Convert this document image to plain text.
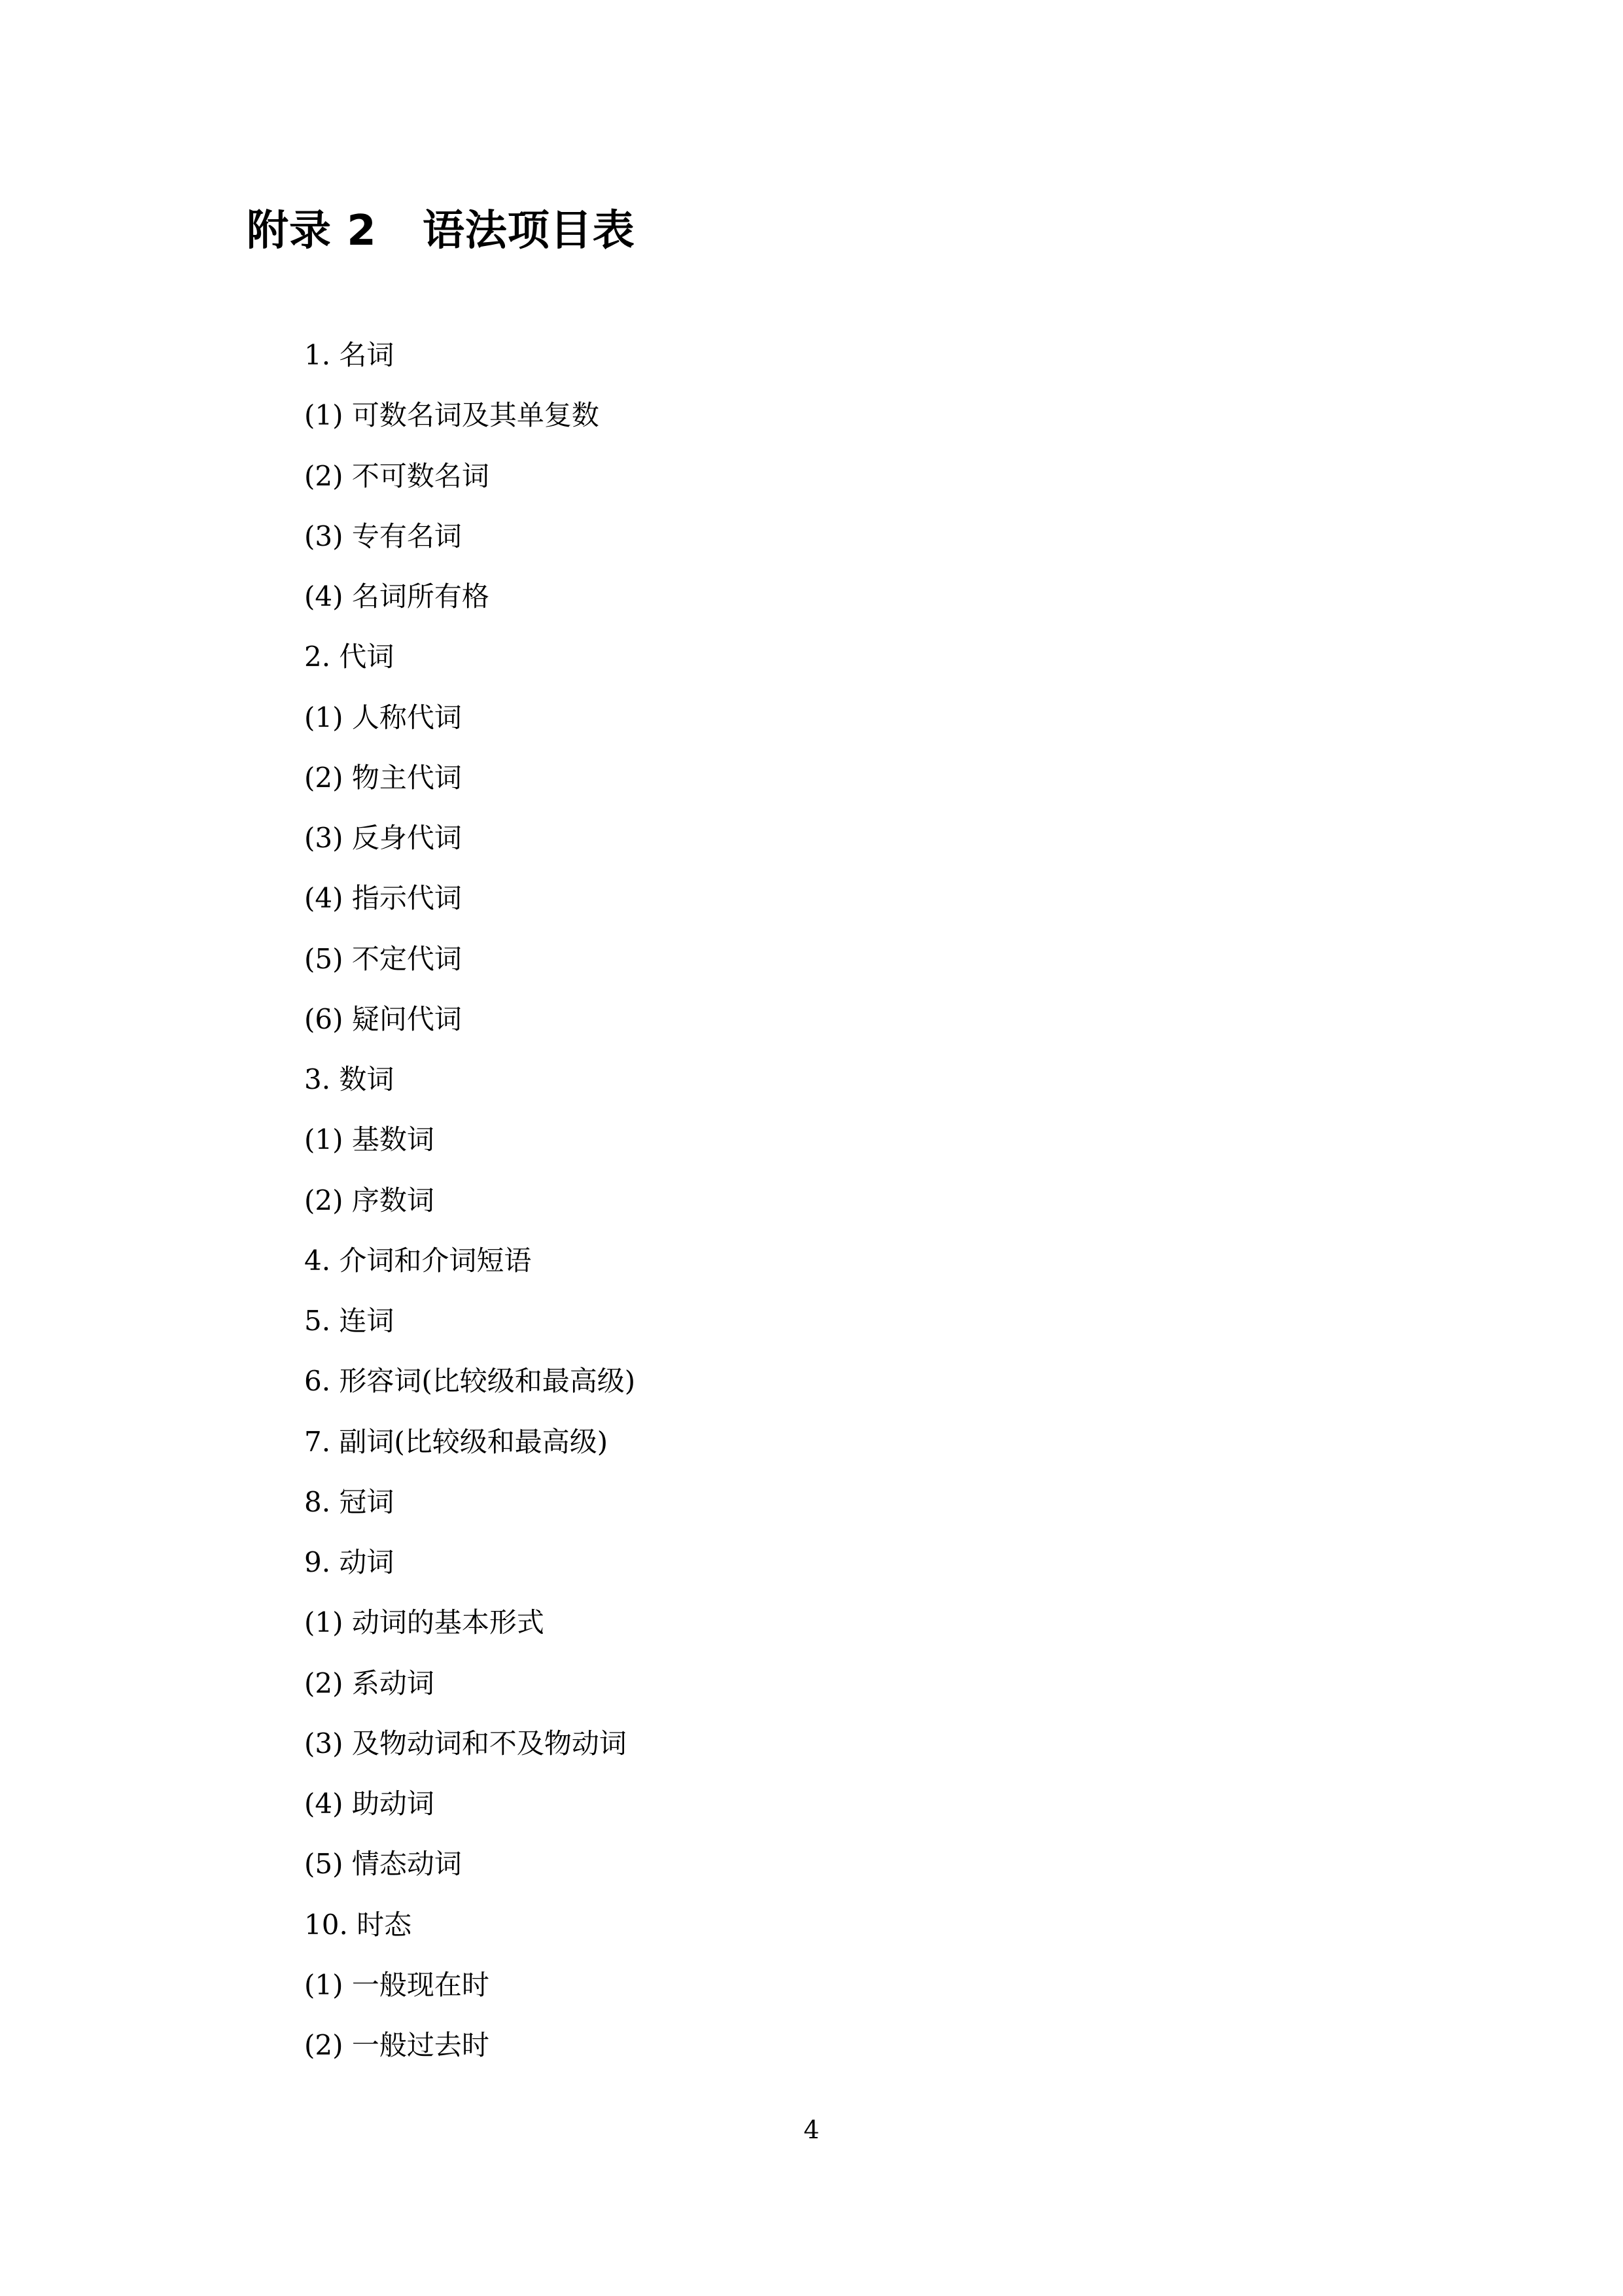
附录 2 语法项目表
1. 名词
(1) 可数名词及其单复数
(2) 不可数名词
(3) 专有名词
(4) 名词所有格
2. 代词
(1) 人称代词
(2) 物主代词
(3) 反身代词
(4) 指示代词
(5) 不定代词
(6) 疑问代词
3. 数词
(1) 基数词
(2) 序数词
4. 介词和介词短语
5. 连词
6. 形容词(比较级和最高级)
7. 副词(比较级和最高级)
8. 冠词
9. 动词
(1) 动词的基本形式
(2) 系动词
(3) 及物动词和不及物动词
(4) 助动词
(5) 情态动词
10. 时态
(1) 一般现在时
(2) 一般过去时
4
